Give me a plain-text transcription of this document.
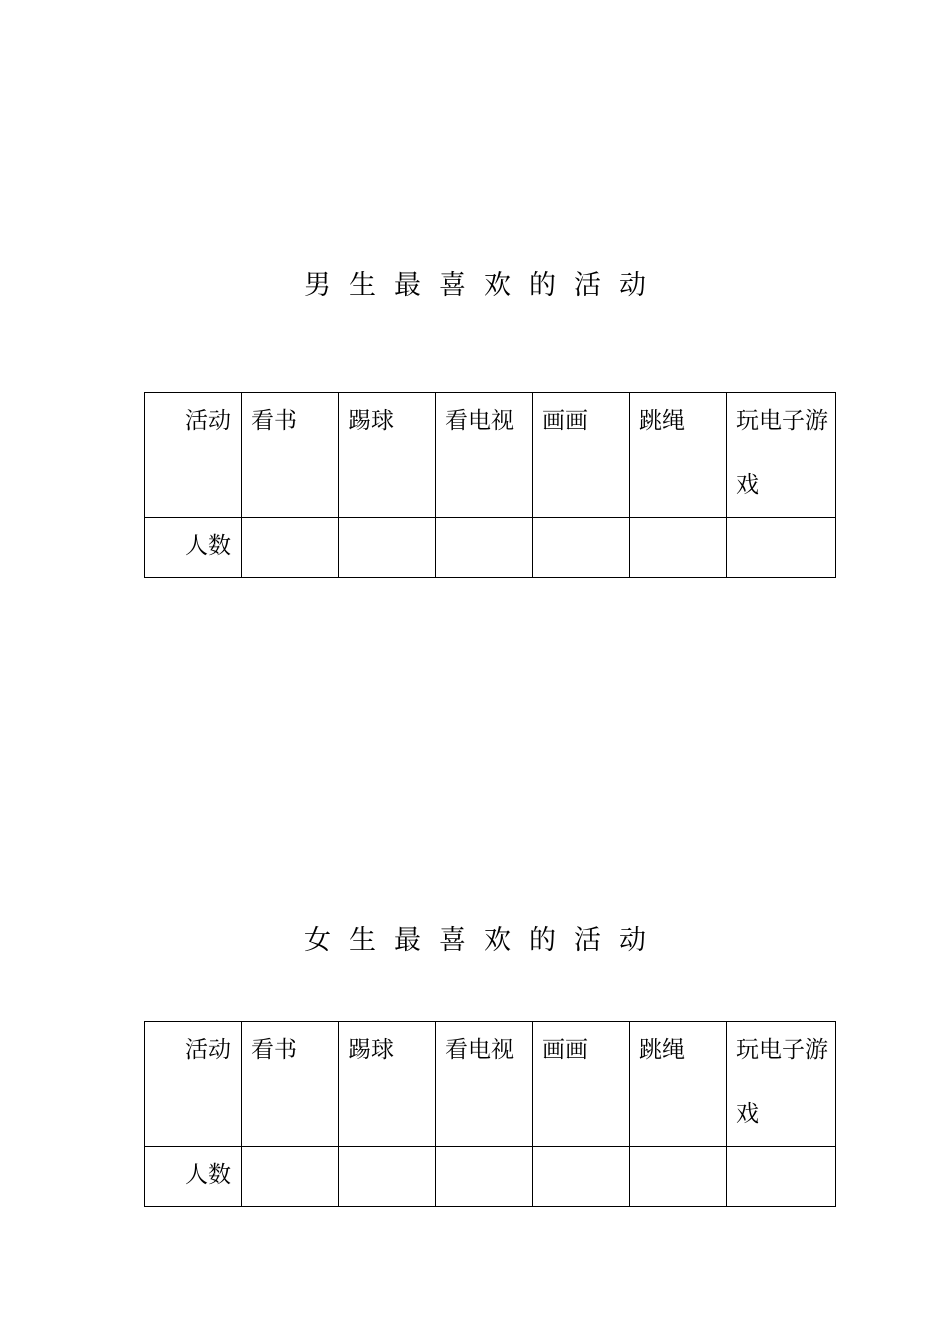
男生最喜欢的活动
活动	看书	踢球	看电视	画画	跳绳	玩电子游戏

人数						
女生最喜欢的活动
活动	看书	踢球	看电视	画画	跳绳	玩电子游戏

人数						
